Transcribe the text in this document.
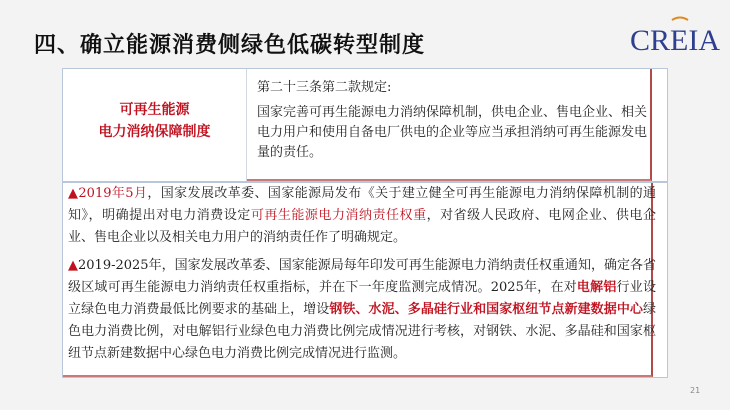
四、确立能源消费侧绿色低碳转型制度	CREIA
可再生能源
电力消纳保障制度
第二十三条第二款规定:
国家完善可再生能源电力消纳保障机制，供电企业、售电企业、相关电力用户和使用自备电厂供电的企业等应当承担消纳可再生能源发电量的责任。
▲2019年5月，国家发展改革委、国家能源局发布《关于建立健全可再生能源电力消纳保障机制的通知》，明确提出对电力消费设定可再生能源电力消纳责任权重，对省级人民政府、电网企业、供电企业、售电企业以及相关电力用户的消纳责任作了明确规定。
▲2019-2025年，国家发展改革委、国家能源局每年印发可再生能源电力消纳责任权重通知，确定各省级区域可再生能源电力消纳责任权重指标，并在下一年度监测完成情况。2025年，在对电解铝行业设立绿色电力消费最低比例要求的基础上，增设钢铁、水泥、多晶硅行业和国家枢纽节点新建数据中心绿色电力消费比例，对电解铝行业绿色电力消费比例完成情况进行考核，对钢铁、水泥、多晶硅和国家枢纽节点新建数据中心绿色电力消费比例完成情况进行监测。
21
